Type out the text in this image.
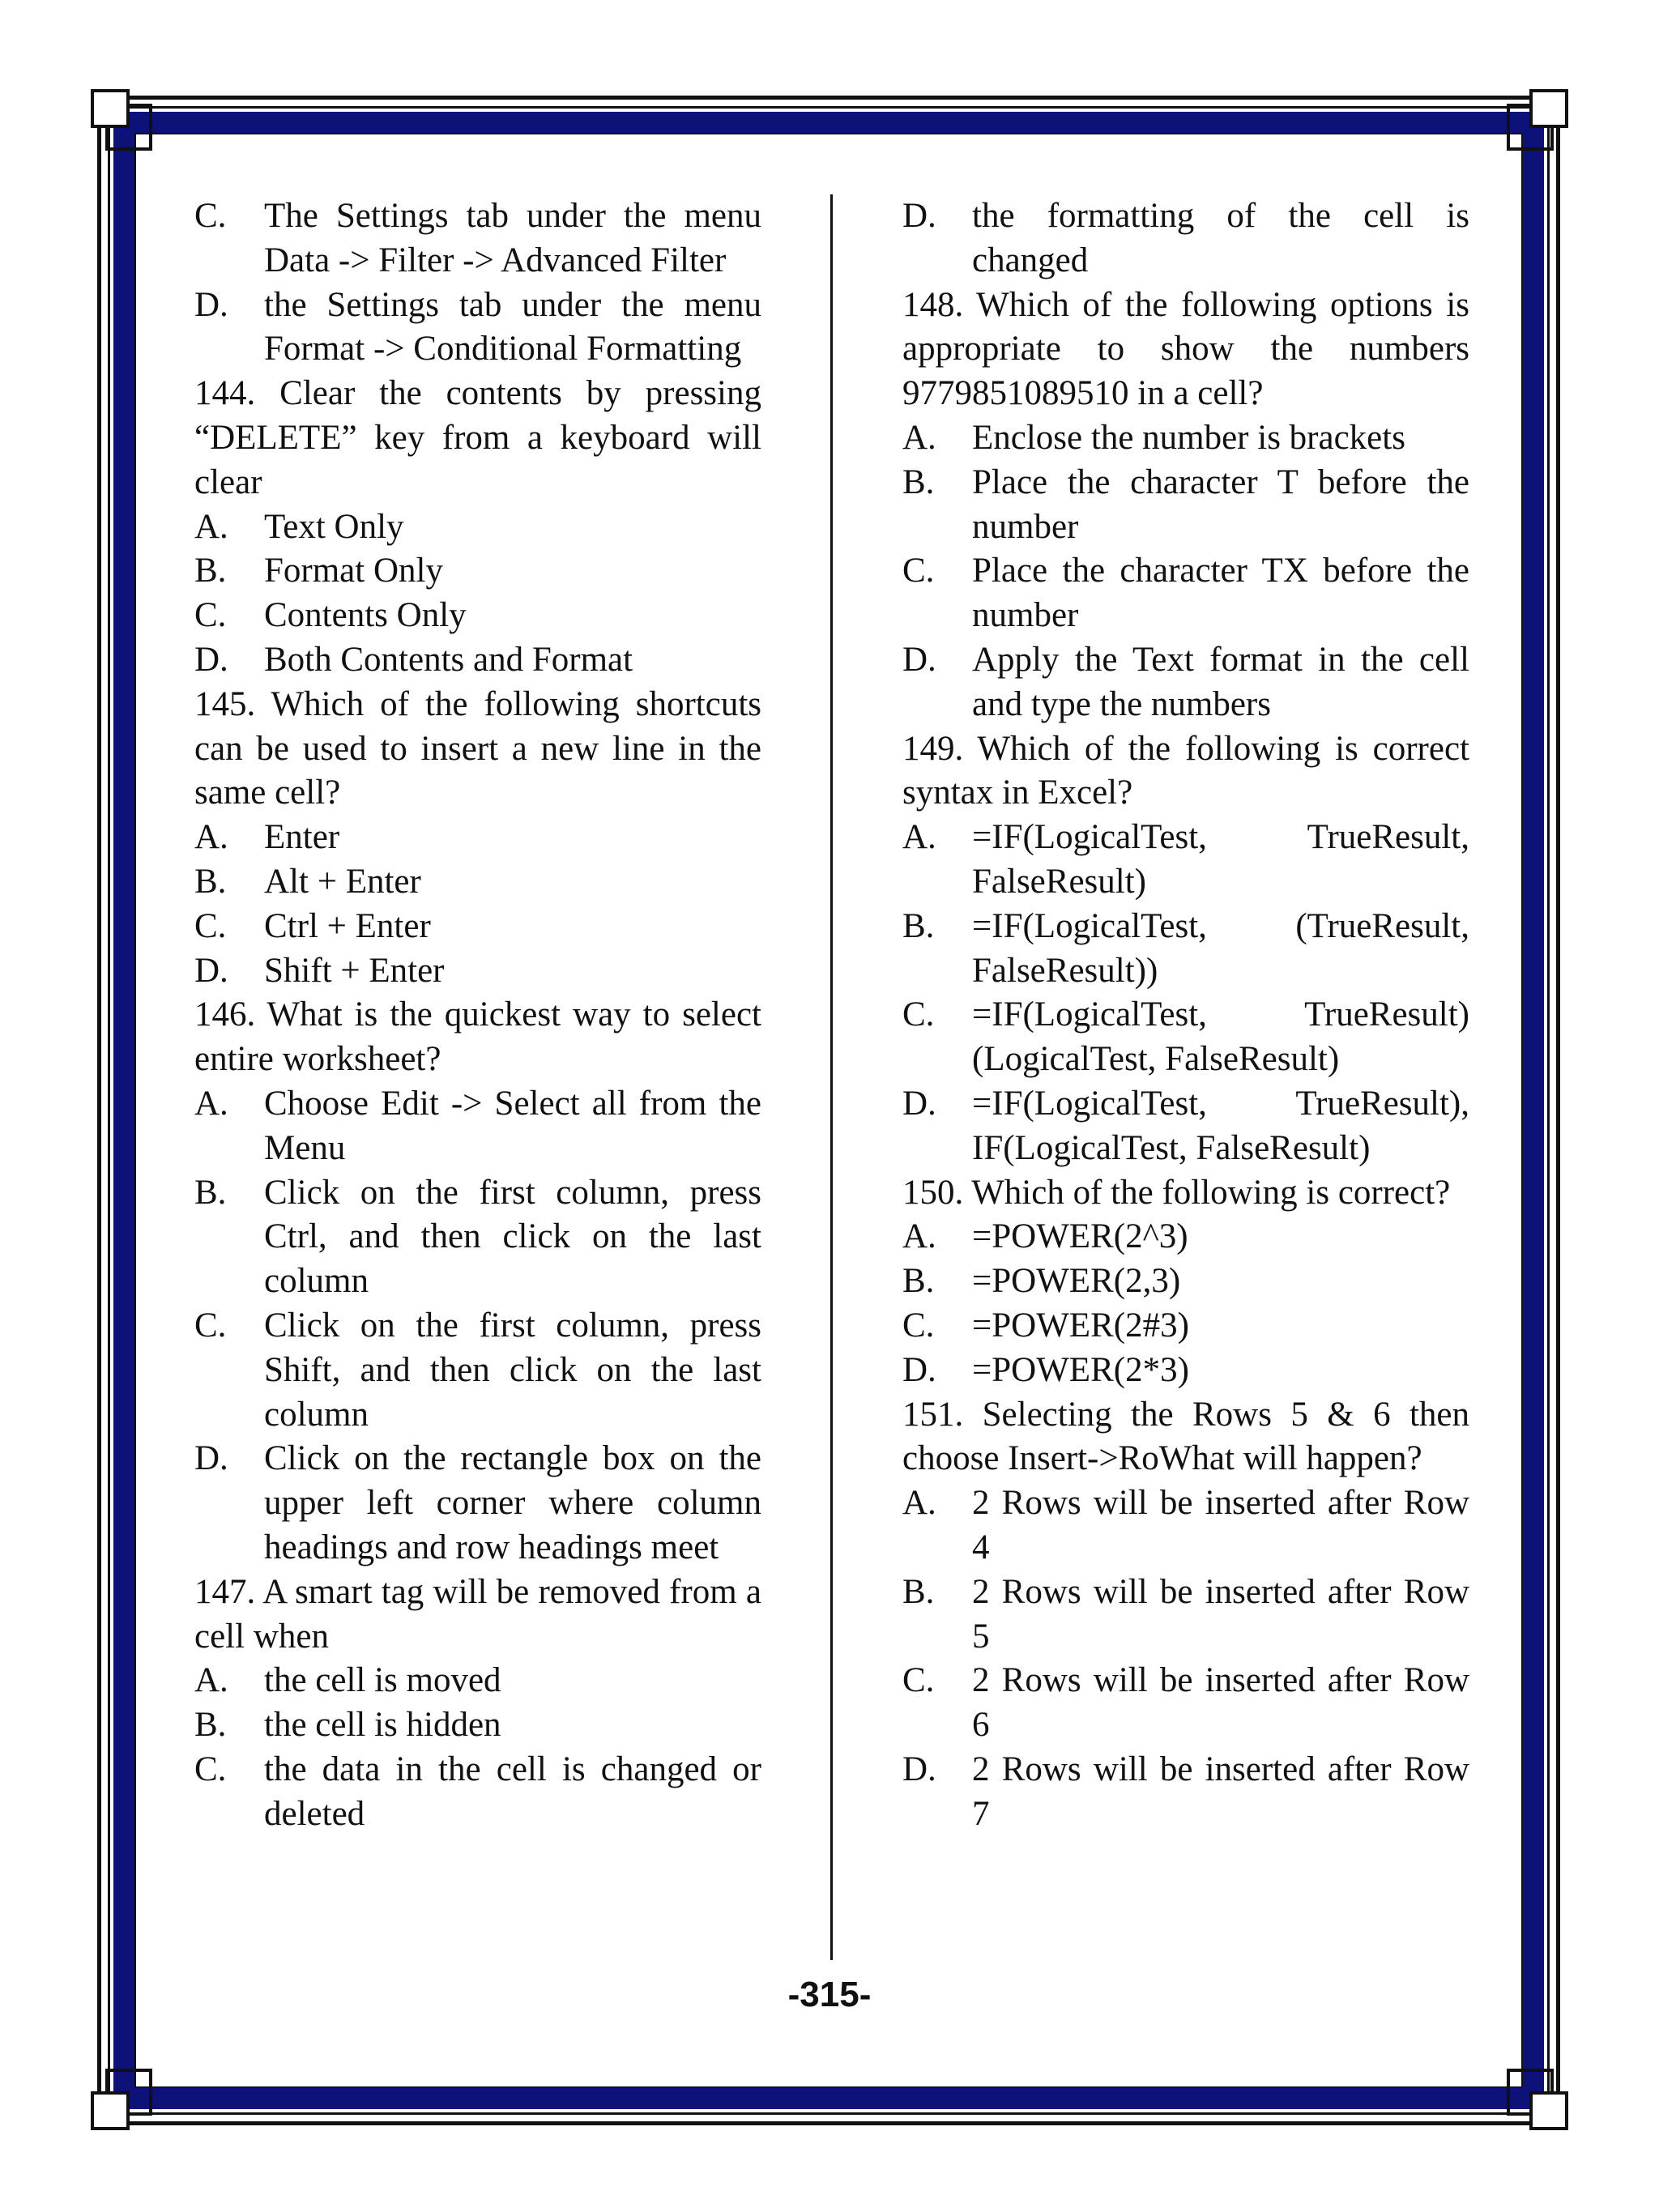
C.	The Settings tab under the menu Data -> Filter -> Advanced Filter
D.	the Settings tab under the menu Format -> Conditional Formatting

144. Clear the contents by pressing “DELETE” key from a keyboard will clear

A.	Text Only
B.	Format Only
C.	Contents Only
D.	Both Contents and Format

145. Which of the following shortcuts can be used to insert a new line in the same cell?

A.	Enter
B.	Alt + Enter
C.	Ctrl + Enter
D.	Shift + Enter

146. What is the quickest way to select entire worksheet?

A.	Choose Edit -> Select all from the Menu
B.	Click on the first column, press Ctrl, and then click on the last column
C.	Click on the first column, press Shift, and then click on the last column
D.	Click on the rectangle box on the upper left corner where column headings and row headings meet

147. A smart tag will be removed from a cell when

A.	the cell is moved
B.	the cell is hidden
C.	the data in the cell is changed or deleted
D.	the formatting of the cell is changed

148. Which of the following options is appropriate to show the numbers 9779851089510 in a cell?

A.	Enclose the number is brackets
B.	Place the character T before the number
C.	Place the character TX before the number
D.	Apply the Text format in the cell and type the numbers

149. Which of the following is correct syntax in Excel?

A.	=IF(LogicalTest, TrueResult, FalseResult)
B.	=IF(LogicalTest, (TrueResult, FalseResult))
C.	=IF(LogicalTest, TrueResult) (LogicalTest, FalseResult)
D.	=IF(LogicalTest, TrueResult), IF(LogicalTest, FalseResult)

150. Which of the following is correct?

A.	=POWER(2^3)
B.	=POWER(2,3)
C.	=POWER(2#3)
D.	=POWER(2*3)

151. Selecting the Rows 5 & 6 then choose Insert->RoWhat will happen?

A.	2 Rows will be inserted after Row 4
B.	2 Rows will be inserted after Row 5
C.	2 Rows will be inserted after Row 6
D.	2 Rows will be inserted after Row 7
-315-
